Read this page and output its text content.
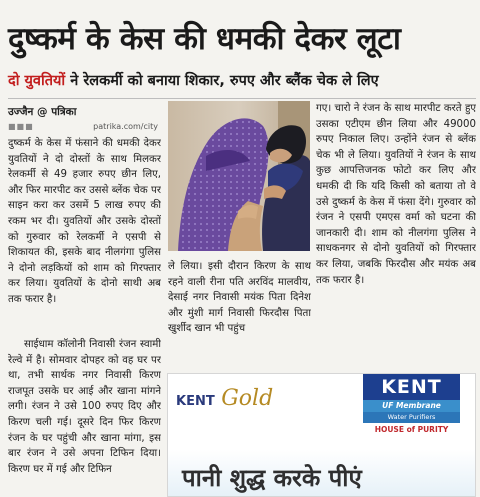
दुष्कर्म के केस की धमकी देकर लूटा
दो युवतियों ने रेलकर्मी को बनाया शिकार, रुपए और ब्लैंक चेक ले लिए
उज्जैन @ पत्रिका
■■■	patrika.com/city

दुष्कर्म के केस में फंसाने की धमकी देकर युवतियों ने दो दोस्तों के साथ मिलकर रेलकर्मी से 49 हजार रुपए छीन लिए, और फिर मारपीट कर उससे ब्लेंक चेक पर साइन करा कर उसमें 5 लाख रुपए की रकम भर दी। युवतियों और उसके दोस्तों को गुरुवार को रेलकर्मी ने एसपी से शिकायत की, इसके बाद नीलगंगा पुलिस ने दोनो लड़कियों को शाम को गिरफ्तार कर लिया। युवतियों के दोनो साथी अब तक फरार है।

साईधाम कॉलोनी निवासी रंजन स्वामी रेल्वे में है। सोमवार दोपहर को वह घर पर था, तभी सार्थक नगर निवासी किरण राजपूत उसके घर आई और खाना मांगने लगी। रंजन ने उसे 100 रुपए दिए और किरण चली गई। दूसरे दिन फिर किरण रंजन के घर पहुंची और खाना मांगा, इस बार रंजन ने उसे अपना टिफिन दिया। किरण घर में गई और टिफिन

ले लिया। इसी दौरान किरण के साथ रहने वाली रीना पति अरविंद मालवीय, देसाई नगर निवासी मयंक पिता दिनेश और मुंशी मार्ग निवासी फिरदौस पिता खुर्शीद खान भी पहुंच

गए। चारो ने रंजन के साथ मारपीट करते हुए उसका एटीएम छीन लिया और 49000 रुपए निकाल लिए। उन्होंने रंजन से ब्लेंक चेक भी ले लिया। युवतियों ने रंजन के साथ कुछ आपत्तिजनक फोटो कर लिए और धमकी दी कि यदि किसी को बताया तो वे उसे दुष्कर्म के केस में फंसा देंगे। गुरुवार को रंजन ने एसपी एमएस वर्मा को घटना की जानकारी दी। शाम को नीलगंगा पुलिस ने साधकनगर से दोनो युवतियों को गिरफ्तार कर लिया, जबकि फिरदौस और मयंक अब तक फरार है।

KENT Gold	KENT
UF Membrane
Water Purifiers
HOUSE of PURITY
पानी शुद्ध करके पीएं
